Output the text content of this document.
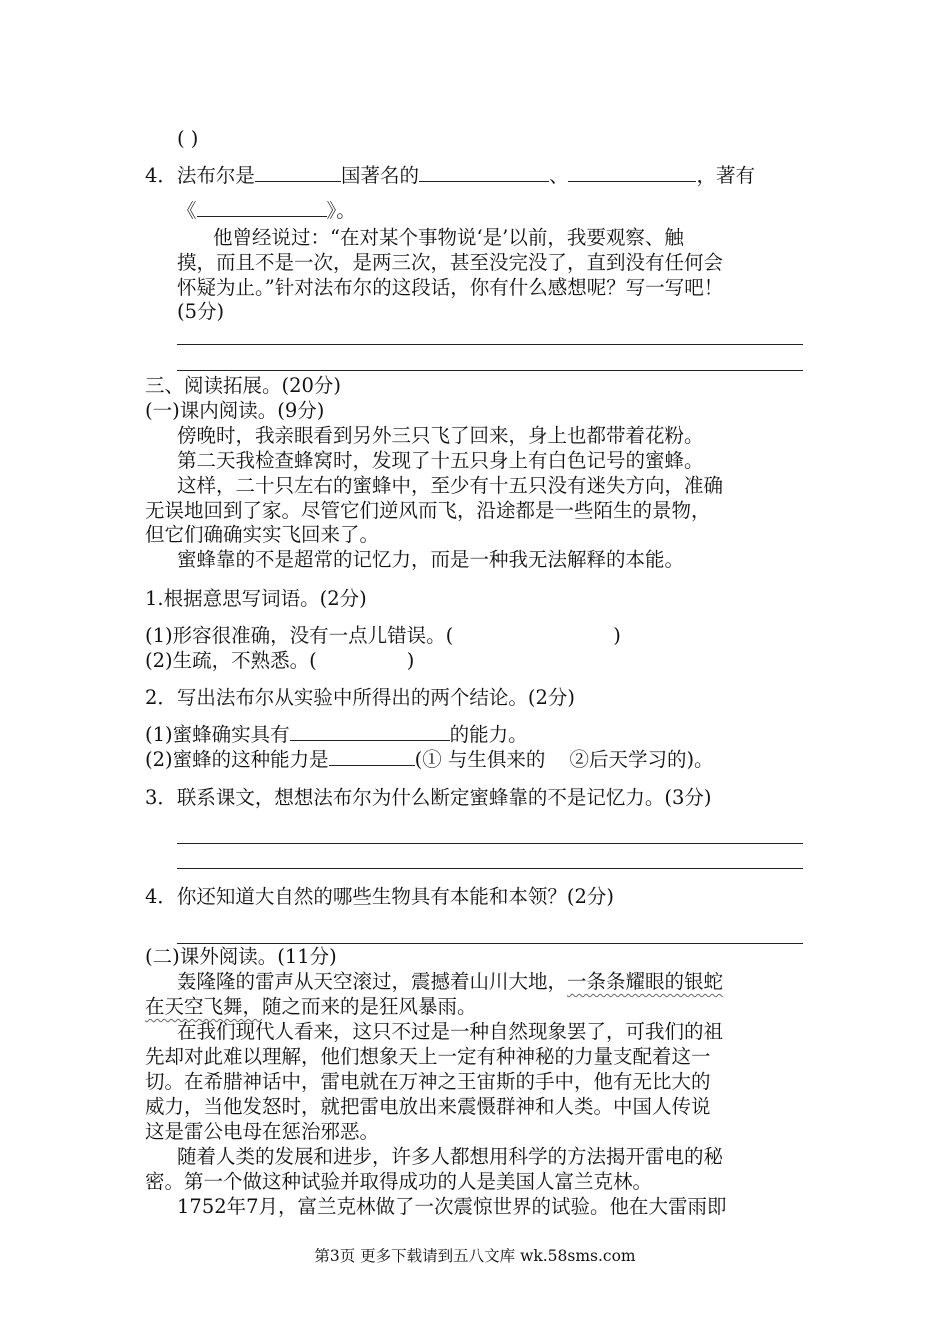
( )
4．法布尔是	国著名的	、	，著有
《	》。
他曾经说过：“在对某个事物说‘是’以前，我要观察、触
摸，而且不是一次，是两三次，甚至没完没了，直到没有任何会
怀疑为止。”针对法布尔的这段话，你有什么感想呢？写一写吧！
(5分)
三、阅读拓展。(20分)
(一)课内阅读。(9分)
傍晚时，我亲眼看到另外三只飞了回来，身上也都带着花粉。
第二天我检查蜂窝时，发现了十五只身上有白色记号的蜜蜂。
这样，二十只左右的蜜蜂中，至少有十五只没有迷失方向，准确
无误地回到了家。尽管它们逆风而飞，沿途都是一些陌生的景物，
但它们确确实实飞回来了。
蜜蜂靠的不是超常的记忆力，而是一种我无法解释的本能。
1.根据意思写词语。(2分)
(1)形容很准确，没有一点儿错误。(	)
(2)生疏，不熟悉。(	)
2．写出法布尔从实验中所得出的两个结论。(2分)
(1)蜜蜂确实具有	的能力。
(2)蜜蜂的这种能力是	(① 与生俱来的 ②后天学习的)。
3．联系课文，想想法布尔为什么断定蜜蜂靠的不是记忆力。(3分)
4．你还知道大自然的哪些生物具有本能和本领？(2分)
(二)课外阅读。(11分)
轰隆隆的雷声从天空滚过，震撼着山川大地，一条条耀眼的银蛇
在天空飞舞，随之而来的是狂风暴雨。
在我们现代人看来，这只不过是一种自然现象罢了，可我们的祖
先却对此难以理解，他们想象天上一定有种神秘的力量支配着这一
切。在希腊神话中，雷电就在万神之王宙斯的手中，他有无比大的
威力，当他发怒时，就把雷电放出来震慑群神和人类。中国人传说
这是雷公电母在惩治邪恶。
随着人类的发展和进步，许多人都想用科学的方法揭开雷电的秘
密。第一个做这种试验并取得成功的人是美国人富兰克林。
1752年7月，富兰克林做了一次震惊世界的试验。他在大雷雨即
第3页 更多下载请到五八文库 wk.58sms.com
